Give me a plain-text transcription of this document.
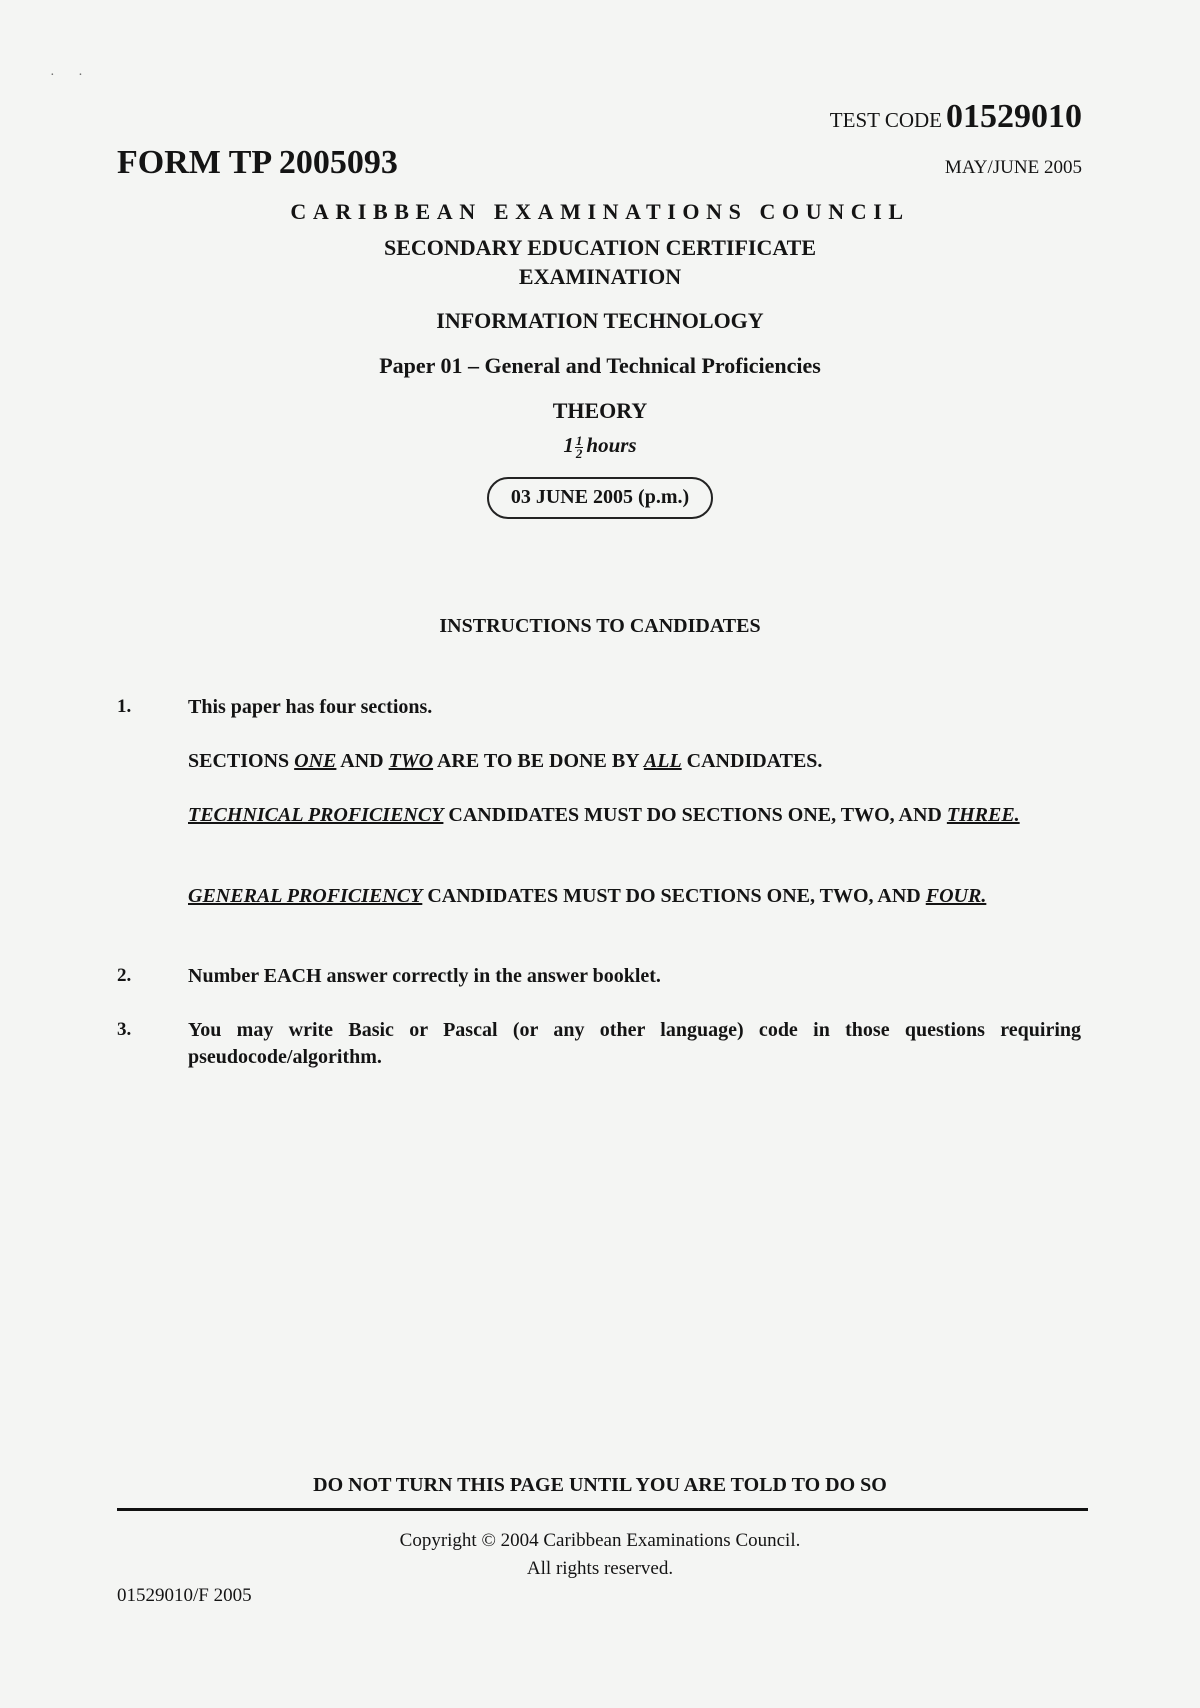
· ·
TEST CODE 01529010
FORM TP 2005093	MAY/JUNE 2005
CARIBBEAN EXAMINATIONS COUNCIL
SECONDARY EDUCATION CERTIFICATE
EXAMINATION
INFORMATION TECHNOLOGY
Paper 01 – General and Technical Proficiencies
THEORY
$1 \frac{1}{2}$ hours
03 JUNE 2005 (p.m.)
INSTRUCTIONS TO CANDIDATES
1.	This paper has four sections.
SECTIONS ONE AND TWO ARE TO BE DONE BY ALL CANDIDATES.
TECHNICAL PROFICIENCY CANDIDATES MUST DO SECTIONS ONE, TWO, AND THREE.
GENERAL PROFICIENCY CANDIDATES MUST DO SECTIONS ONE, TWO, AND FOUR.
2.	Number EACH answer correctly in the answer booklet.
3.	You may write Basic or Pascal (or any other language) code in those questions requiring pseudocode/algorithm.
DO NOT TURN THIS PAGE UNTIL YOU ARE TOLD TO DO SO
Copyright © 2004 Caribbean Examinations Council.
All rights reserved.
01529010/F 2005
